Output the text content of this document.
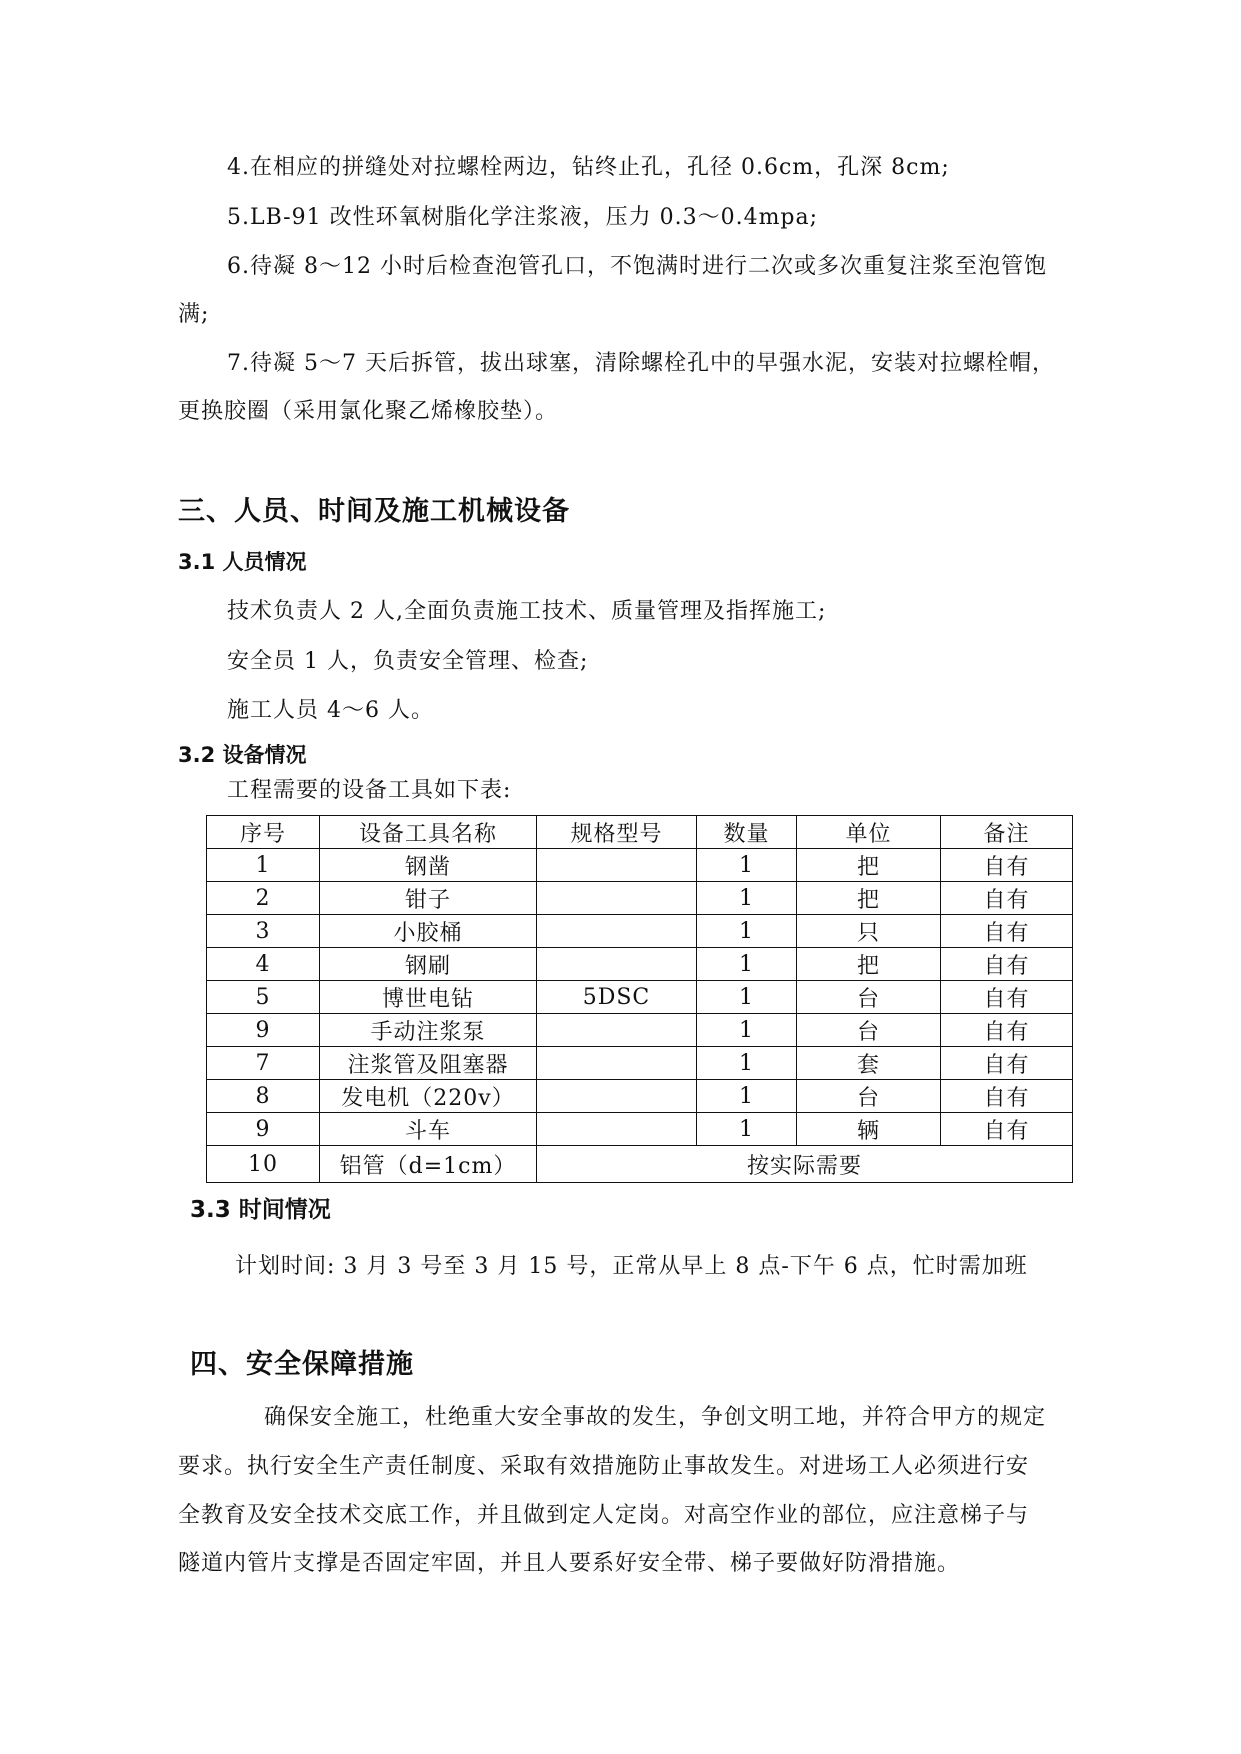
4.在相应的拼缝处对拉螺栓两边，钻终止孔，孔径 0.6cm，孔深 8cm;
5.LB-91 改性环氧树脂化学注浆液，压力 0.3～0.4mpa;
6.待凝 8～12 小时后检查泡管孔口，不饱满时进行二次或多次重复注浆至泡管饱
满;
7.待凝 5～7 天后拆管，拔出球塞，清除螺栓孔中的早强水泥，安装对拉螺栓帽，
更换胶圈（采用氯化聚乙烯橡胶垫）。
三、人员、时间及施工机械设备
3.1 人员情况
技术负责人 2 人,全面负责施工技术、质量管理及指挥施工;
安全员 1 人，负责安全管理、检查;
施工人员 4～6 人。
3.2 设备情况
工程需要的设备工具如下表:
序号	设备工具名称	规格型号	数量	单位	备注
1	钢凿		1	把	自有
2	钳子		1	把	自有
3	小胶桶		1	只	自有
4	钢刷		1	把	自有
5	博世电钻	5DSC	1	台	自有
9	手动注浆泵		1	台	自有
7	注浆管及阻塞器		1	套	自有
8	发电机（220v）		1	台	自有
9	斗车		1	辆	自有
10	铝管（d=1cm）	按实际需要			
3.3 时间情况
计划时间: 3 月 3 号至 3 月 15 号，正常从早上 8 点-下午 6 点，忙时需加班
四、安全保障措施
确保安全施工，杜绝重大安全事故的发生，争创文明工地，并符合甲方的规定
要求。执行安全生产责任制度、采取有效措施防止事故发生。对进场工人必须进行安
全教育及安全技术交底工作，并且做到定人定岗。对高空作业的部位，应注意梯子与
隧道内管片支撑是否固定牢固，并且人要系好安全带、梯子要做好防滑措施。
